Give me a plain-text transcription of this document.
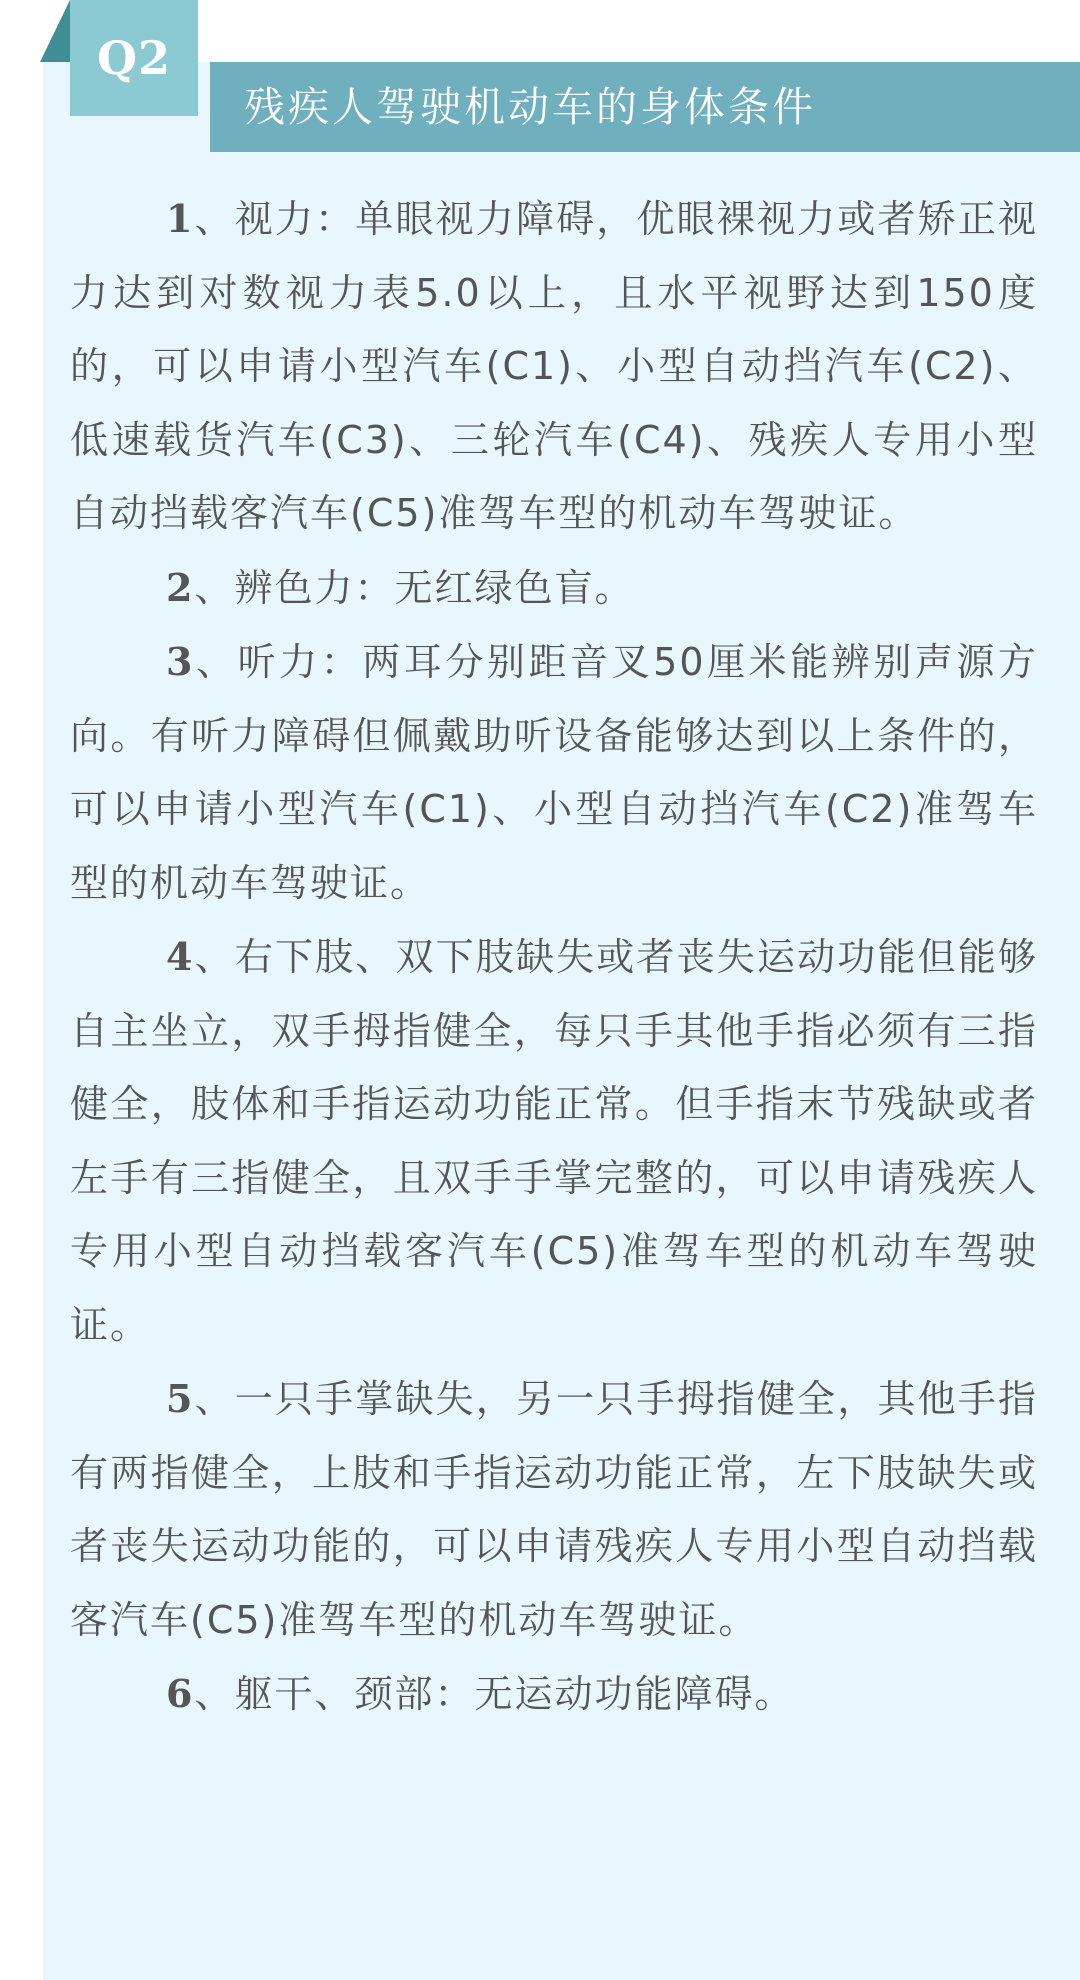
Q2
残疾人驾驶机动车的身体条件

1、视力：单眼视力障碍，优眼裸视力或者矫正视力达到对数视力表5.0以上，且水平视野达到150度的，可以申请小型汽车(C1)、小型自动挡汽车(C2)、低速载货汽车(C3)、三轮汽车(C4)、残疾人专用小型自动挡载客汽车(C5)准驾车型的机动车驾驶证。

2、辨色力：无红绿色盲。

3、听力：两耳分别距音叉50厘米能辨别声源方向。有听力障碍但佩戴助听设备能够达到以上条件的，可以申请小型汽车(C1)、小型自动挡汽车(C2)准驾车型的机动车驾驶证。

4、右下肢、双下肢缺失或者丧失运动功能但能够自主坐立，双手拇指健全，每只手其他手指必须有三指健全，肢体和手指运动功能正常。但手指末节残缺或者左手有三指健全，且双手手掌完整的，可以申请残疾人专用小型自动挡载客汽车(C5)准驾车型的机动车驾驶证。

5、一只手掌缺失，另一只手拇指健全，其他手指有两指健全，上肢和手指运动功能正常，左下肢缺失或者丧失运动功能的，可以申请残疾人专用小型自动挡载客汽车(C5)准驾车型的机动车驾驶证。

6、躯干、颈部：无运动功能障碍。
